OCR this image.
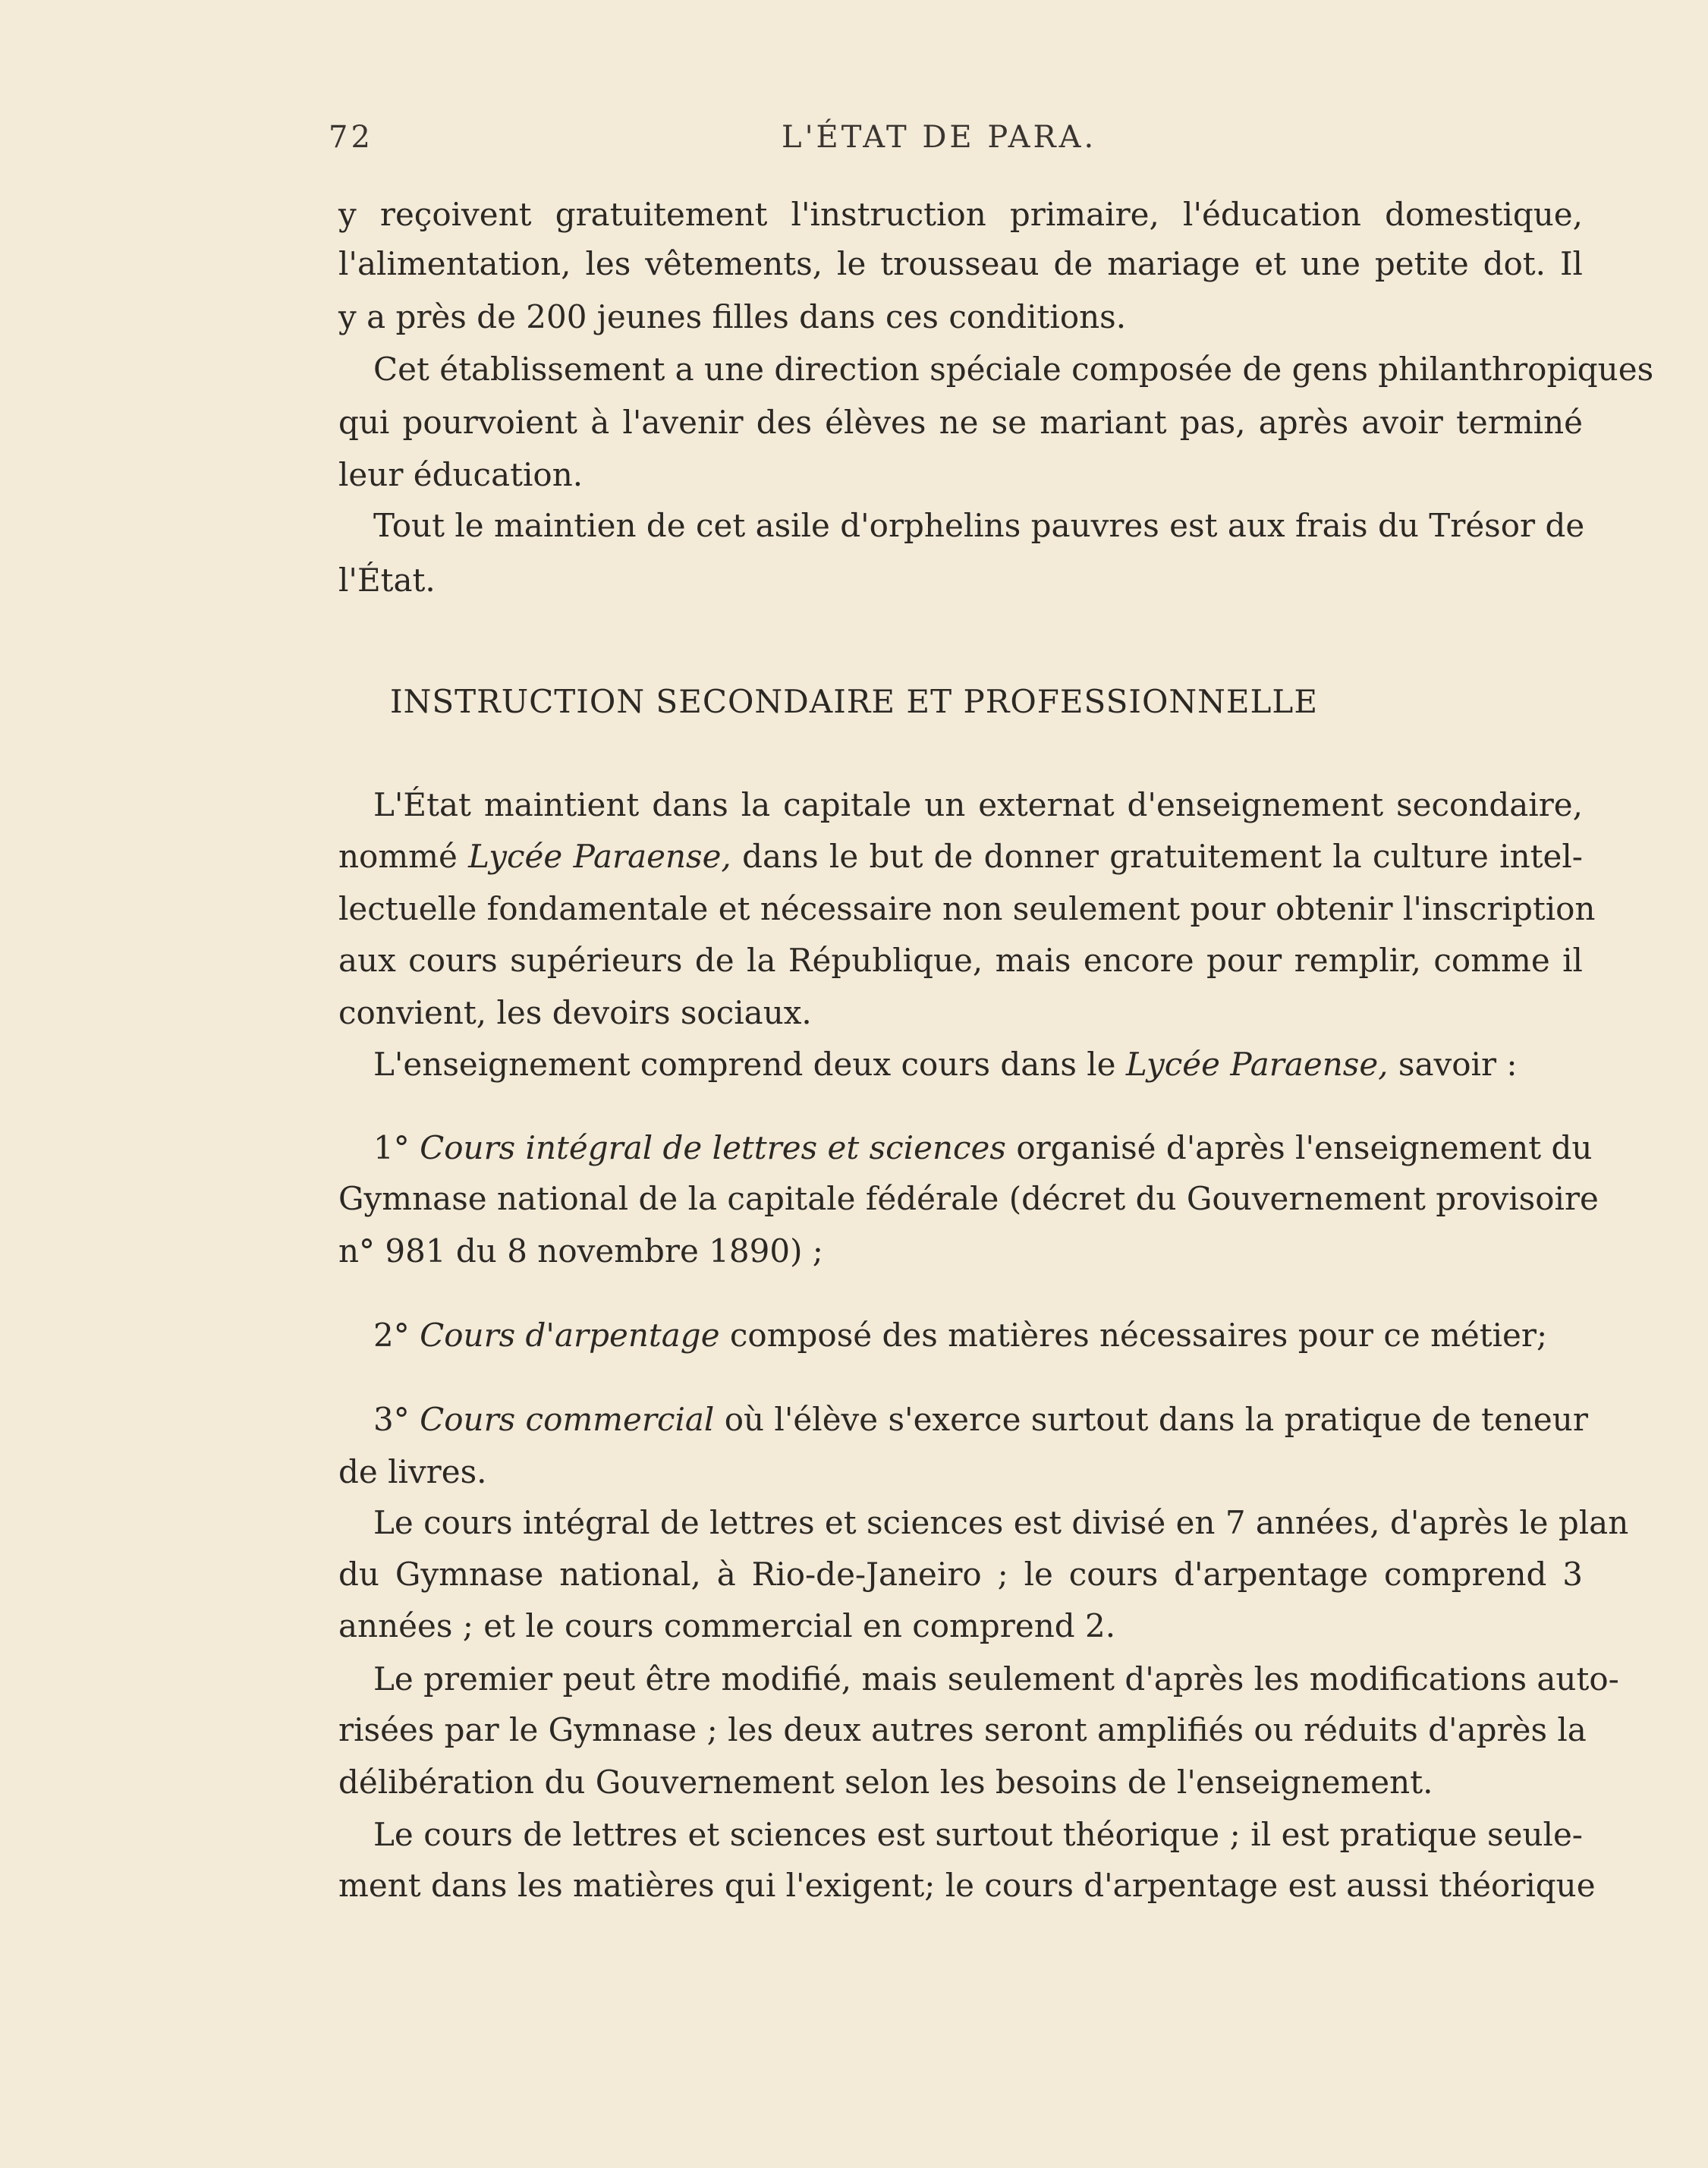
72	L'ÉTAT DE PARA.
y reçoivent gratuitement l'instruction primaire, l'éducation domestique,
l'alimentation, les vêtements, le trousseau de mariage et une petite dot. Il
y a près de 200 jeunes filles dans ces conditions.
Cet établissement a une direction spéciale composée de gens philanthropiques
qui pourvoient à l'avenir des élèves ne se mariant pas, après avoir terminé
leur éducation.
Tout le maintien de cet asile d'orphelins pauvres est aux frais du Trésor de
l'État.
INSTRUCTION SECONDAIRE ET PROFESSIONNELLE
L'État maintient dans la capitale un externat d'enseignement secondaire,
nommé Lycée Paraense, dans le but de donner gratuitement la culture intel-
lectuelle fondamentale et nécessaire non seulement pour obtenir l'inscription
aux cours supérieurs de la République, mais encore pour remplir, comme il
convient, les devoirs sociaux.
L'enseignement comprend deux cours dans le Lycée Paraense, savoir :
1° Cours intégral de lettres et sciences organisé d'après l'enseignement du
Gymnase national de la capitale fédérale (décret du Gouvernement provisoire
n° 981 du 8 novembre 1890) ;
2° Cours d'arpentage composé des matières nécessaires pour ce métier;
3° Cours commercial où l'élève s'exerce surtout dans la pratique de teneur
de livres.
Le cours intégral de lettres et sciences est divisé en 7 années, d'après le plan
du Gymnase national, à Rio-de-Janeiro ; le cours d'arpentage comprend 3
années ; et le cours commercial en comprend 2.
Le premier peut être modifié, mais seulement d'après les modifications auto-
risées par le Gymnase ; les deux autres seront amplifiés ou réduits d'après la
délibération du Gouvernement selon les besoins de l'enseignement.
Le cours de lettres et sciences est surtout théorique ; il est pratique seule-
ment dans les matières qui l'exigent; le cours d'arpentage est aussi théorique
